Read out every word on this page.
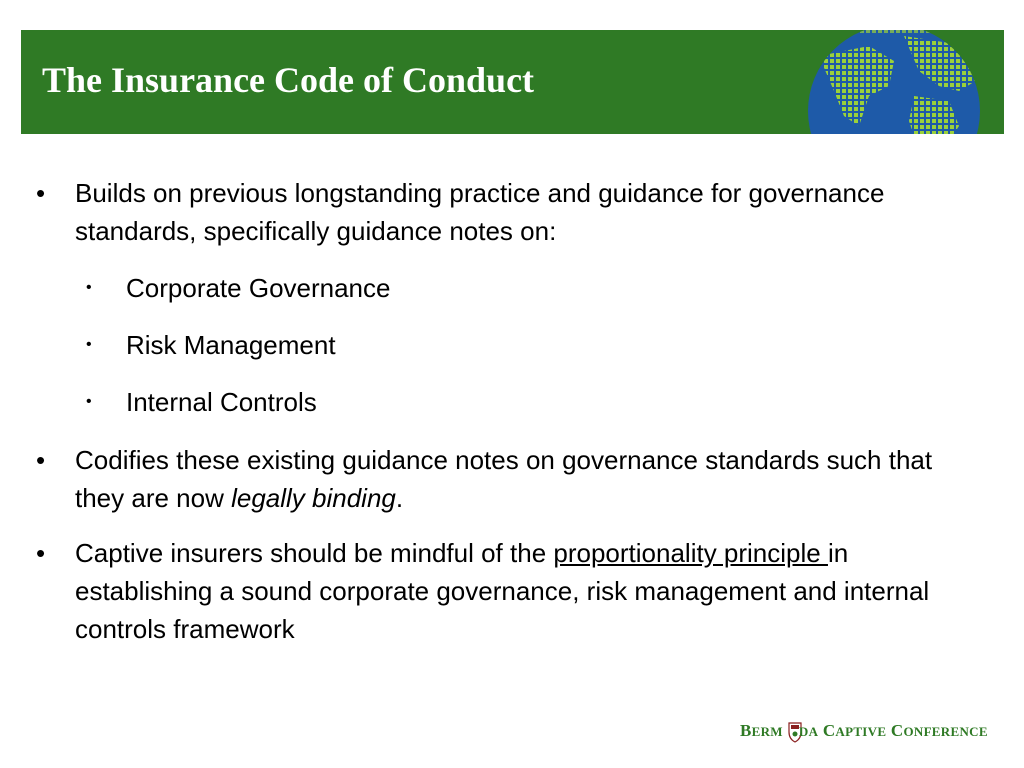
The Insurance Code of Conduct
•	Builds on previous longstanding practice and guidance for governance standards, specifically guidance notes on:
• Corporate Governance
• Risk Management
• Internal Controls
•	Codifies these existing guidance notes on governance standards such that they are now legally binding.
•	Captive insurers should be mindful of the proportionality principle in establishing a sound corporate governance, risk management and internal controls framework
BERM DA CAPTIVE CONFERENCE
